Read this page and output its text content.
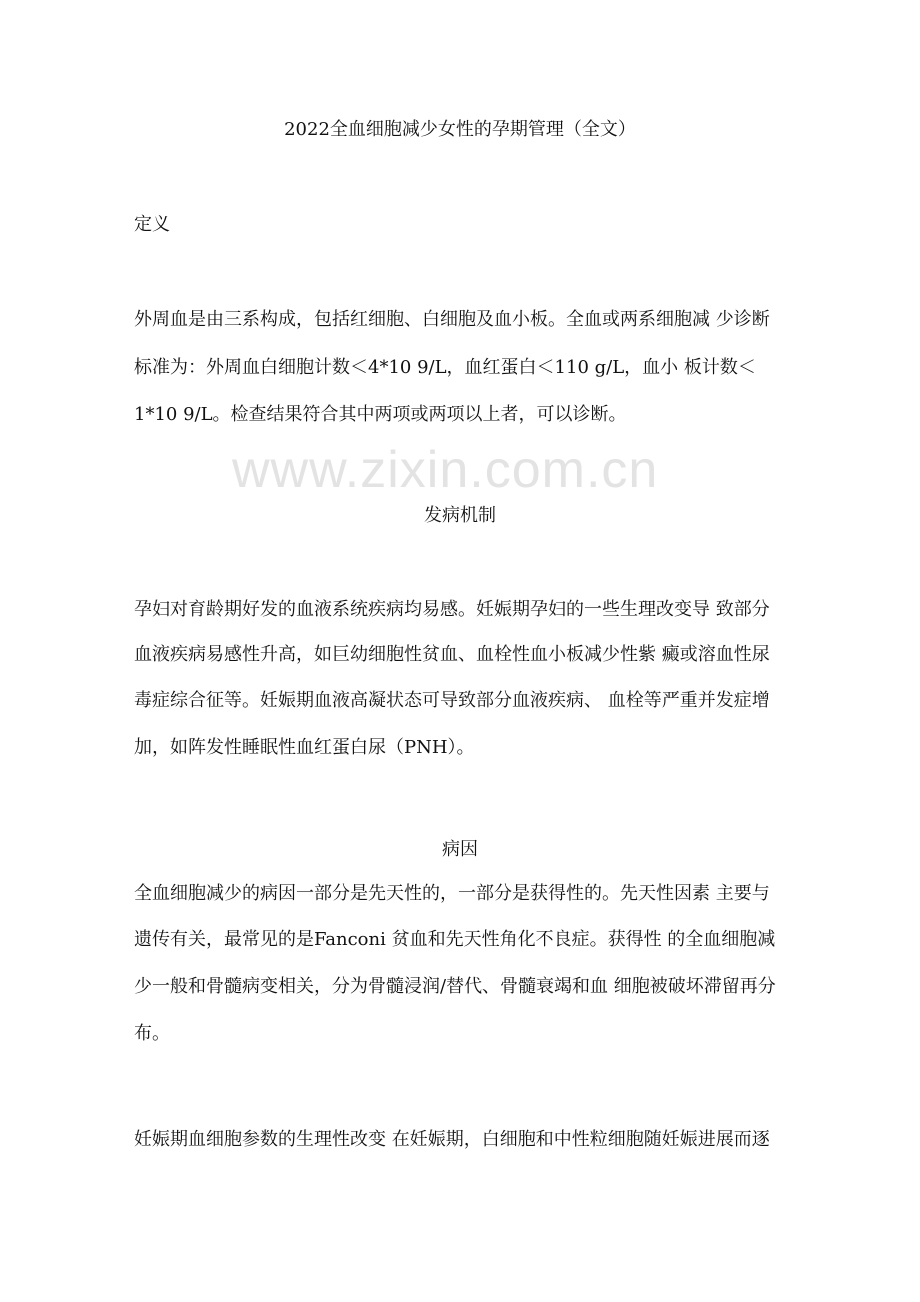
www.zixin.com.cn
2022全血细胞减少女性的孕期管理（全文）
定义
外周血是由三系构成，包括红细胞、白细胞及血小板。全血或两系细胞减 少诊断
标准为：外周血白细胞计数＜4*10 9/L，血红蛋白＜110 g/L，血小 板计数＜
1*10 9/L。检查结果符合其中两项或两项以上者，可以诊断。
发病机制
孕妇对育龄期好发的血液系统疾病均易感。妊娠期孕妇的一些生理改变导 致部分
血液疾病易感性升高，如巨幼细胞性贫血、血栓性血小板减少性紫 癜或溶血性尿
毒症综合征等。妊娠期血液高凝状态可导致部分血液疾病、 血栓等严重并发症增
加，如阵发性睡眠性血红蛋白尿（PNH）。
病因
全血细胞减少的病因一部分是先天性的，一部分是获得性的。先天性因素 主要与
遗传有关，最常见的是Fanconi 贫血和先天性角化不良症。获得性 的全血细胞减
少一般和骨髓病变相关，分为骨髓浸润/替代、骨髓衰竭和血 细胞被破坏滞留再分
布。
妊娠期血细胞参数的生理性改变 在妊娠期，白细胞和中性粒细胞随妊娠进展而逐
